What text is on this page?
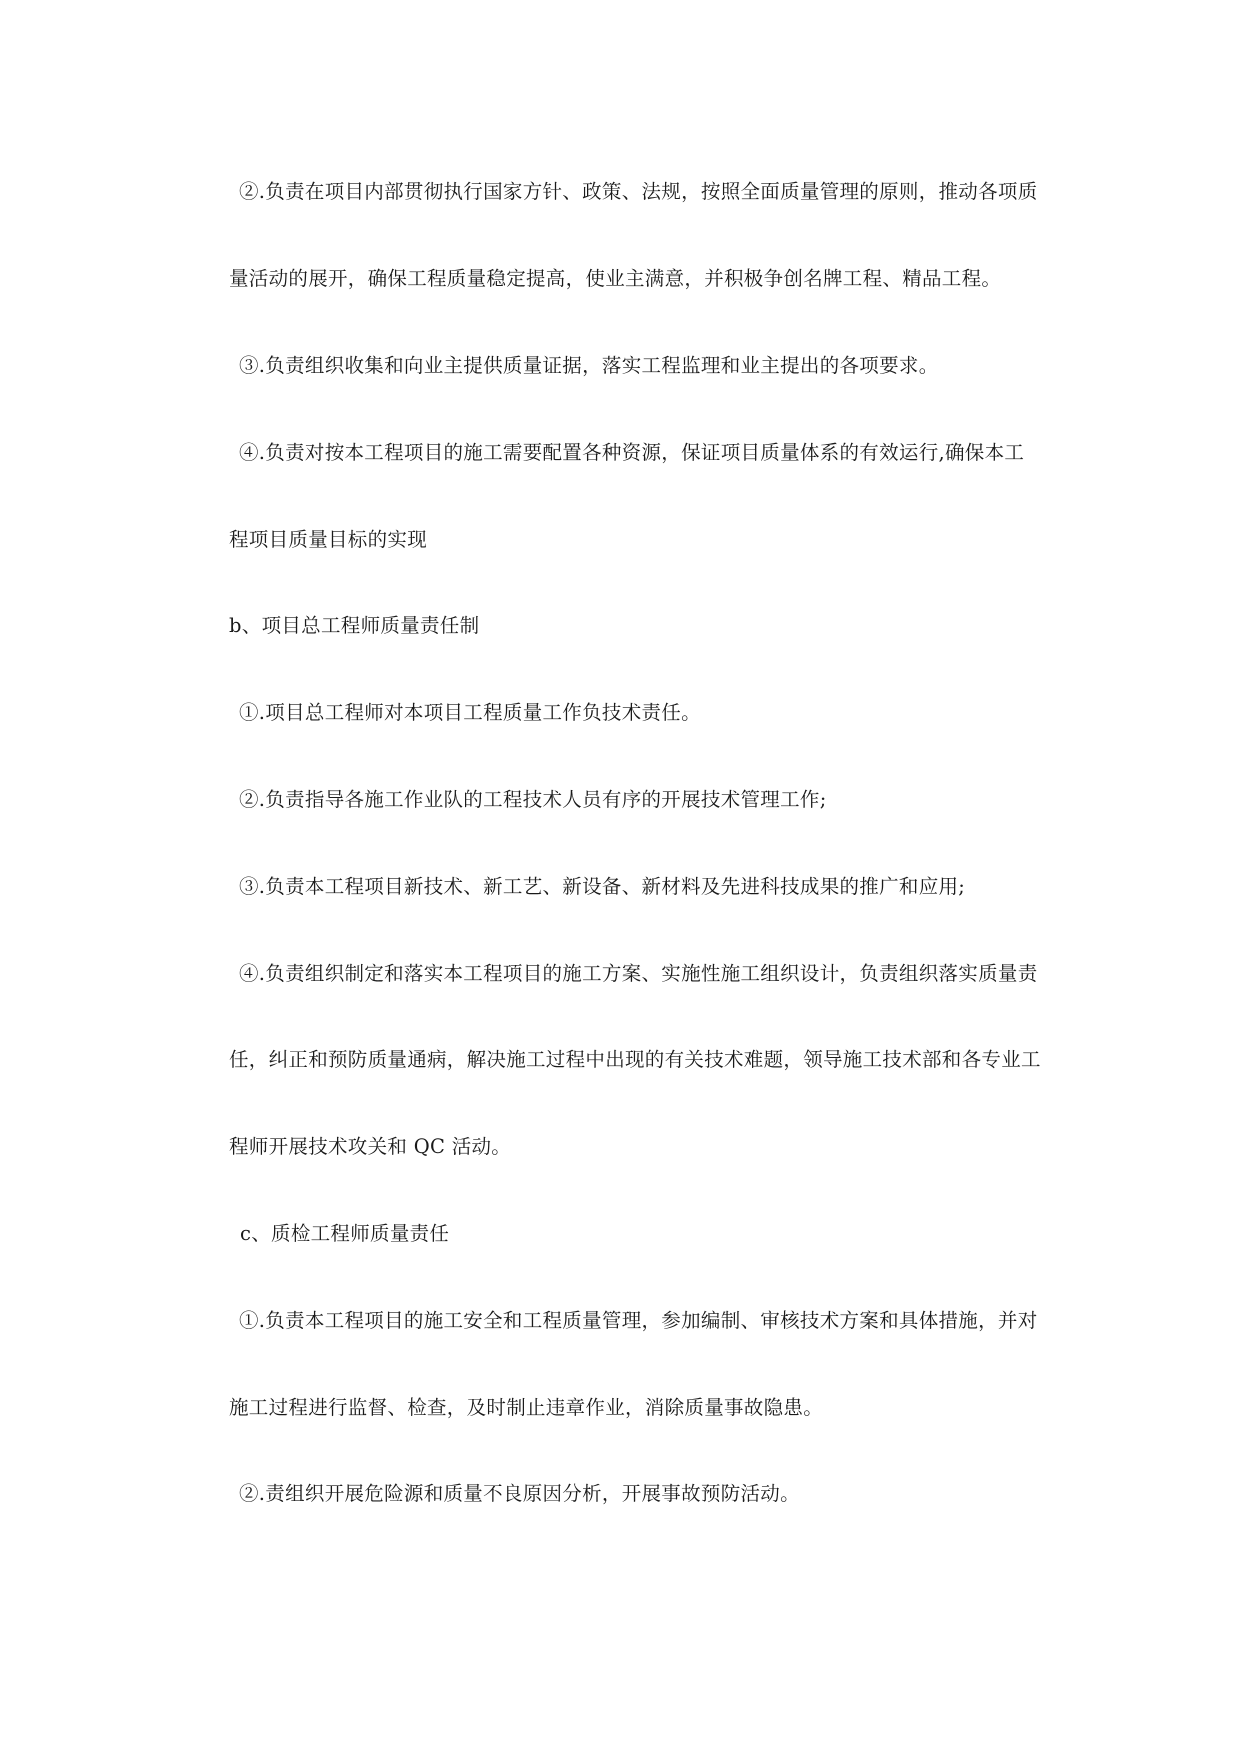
②.负责在项目内部贯彻执行国家方针、政策、法规，按照全面质量管理的原则，推动各项质
量活动的展开，确保工程质量稳定提高，使业主满意，并积极争创名牌工程、精品工程。
③.负责组织收集和向业主提供质量证据，落实工程监理和业主提出的各项要求。
④.负责对按本工程项目的施工需要配置各种资源，保证项目质量体系的有效运行,确保本工
程项目质量目标的实现
b、项目总工程师质量责任制
①.项目总工程师对本项目工程质量工作负技术责任。
②.负责指导各施工作业队的工程技术人员有序的开展技术管理工作;
③.负责本工程项目新技术、新工艺、新设备、新材料及先进科技成果的推广和应用;
④.负责组织制定和落实本工程项目的施工方案、实施性施工组织设计，负责组织落实质量责
任，纠正和预防质量通病，解决施工过程中出现的有关技术难题，领导施工技术部和各专业工
程师开展技术攻关和 QC 活动。
c、质检工程师质量责任
①.负责本工程项目的施工安全和工程质量管理，参加编制、审核技术方案和具体措施，并对
施工过程进行监督、检查，及时制止违章作业，消除质量事故隐患。
②.责组织开展危险源和质量不良原因分析，开展事故预防活动。
